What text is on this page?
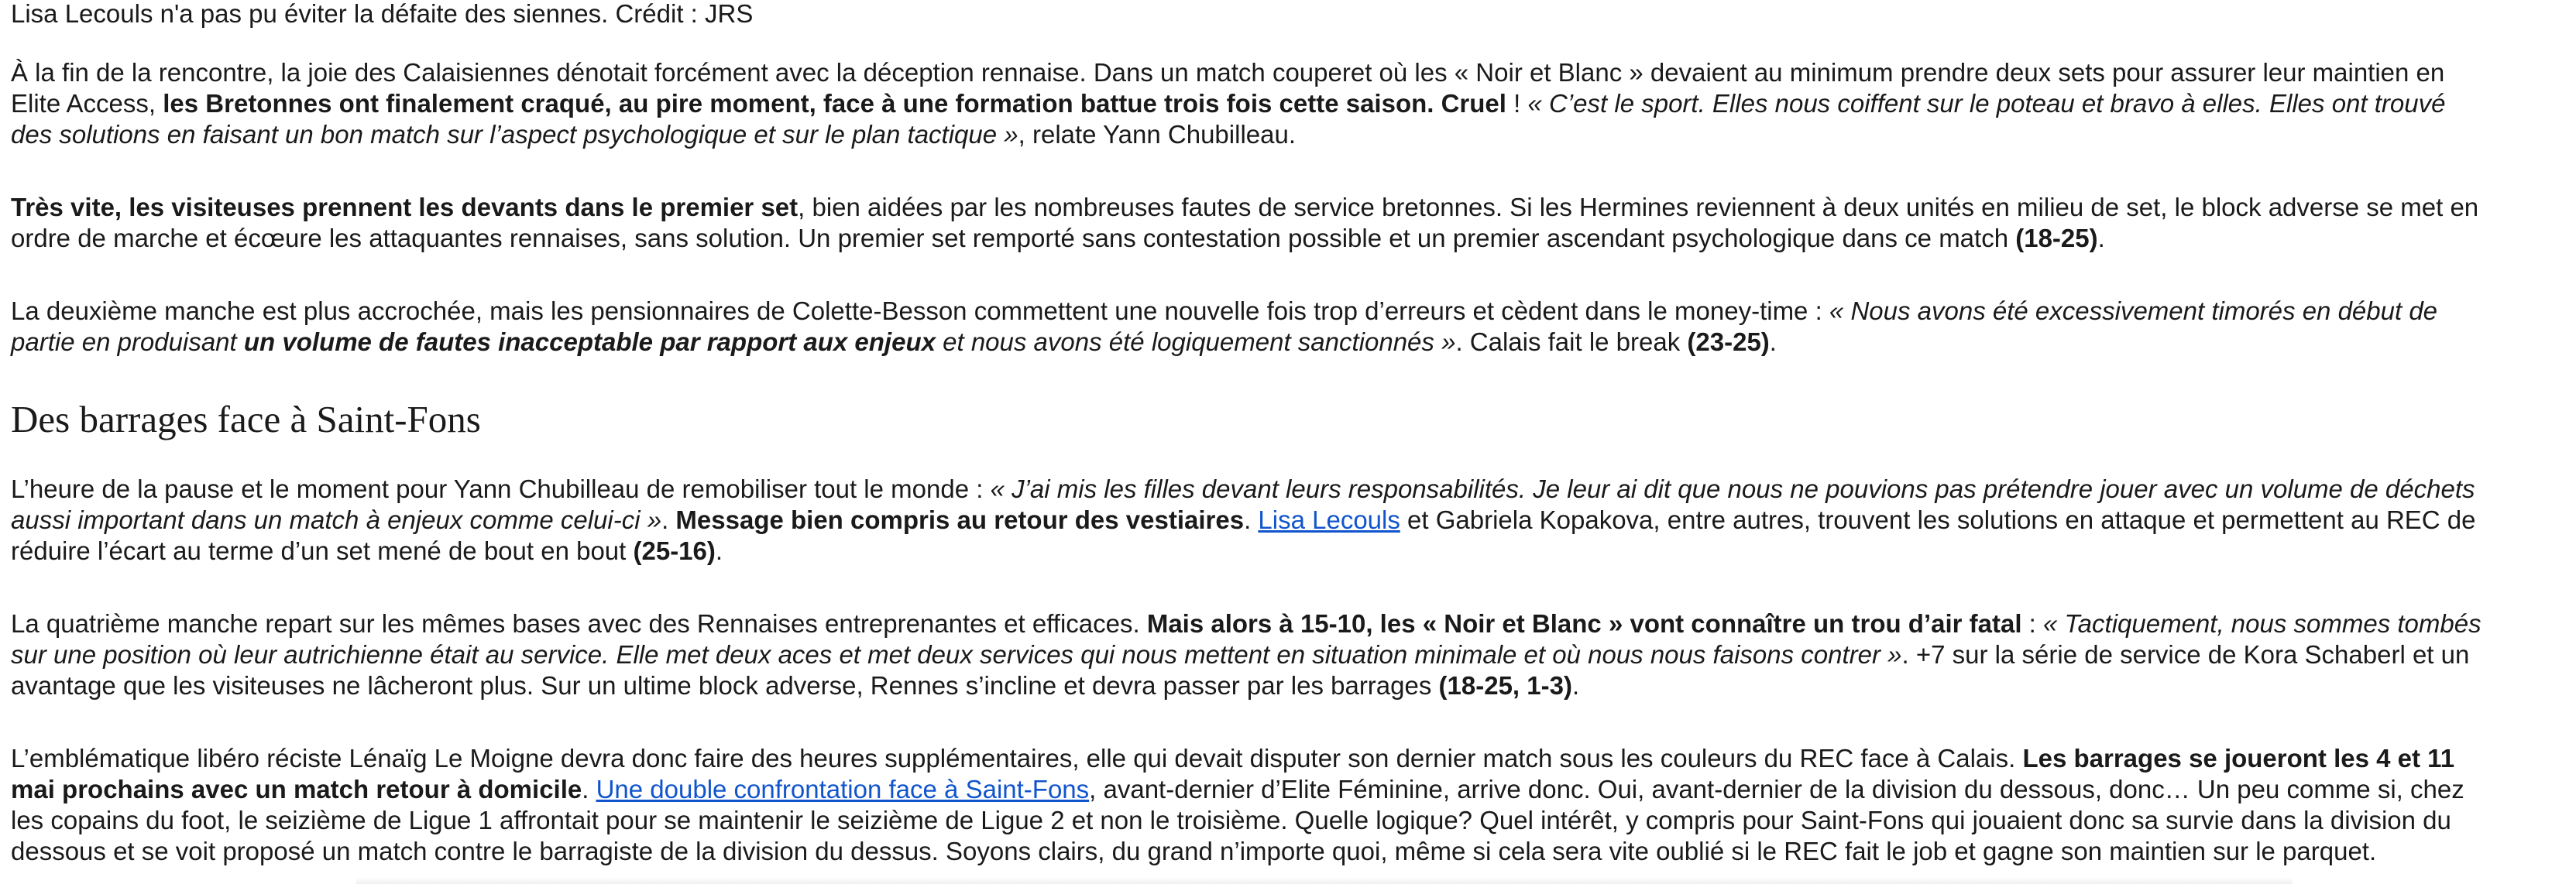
Lisa Lecouls n'a pas pu éviter la défaite des siennes. Crédit : JRS
À la fin de la rencontre, la joie des Calaisiennes dénotait forcément avec la déception rennaise. Dans un match couperet où les « Noir et Blanc » devaient au minimum prendre deux sets pour assurer leur maintien en
Elite Access, les Bretonnes ont finalement craqué, au pire moment, face à une formation battue trois fois cette saison. Cruel ! « C’est le sport. Elles nous coiffent sur le poteau et bravo à elles. Elles ont trouvé
des solutions en faisant un bon match sur l’aspect psychologique et sur le plan tactique », relate Yann Chubilleau.
Très vite, les visiteuses prennent les devants dans le premier set, bien aidées par les nombreuses fautes de service bretonnes. Si les Hermines reviennent à deux unités en milieu de set, le block adverse se met en
ordre de marche et écœure les attaquantes rennaises, sans solution. Un premier set remporté sans contestation possible et un premier ascendant psychologique dans ce match (18-25).
La deuxième manche est plus accrochée, mais les pensionnaires de Colette-Besson commettent une nouvelle fois trop d’erreurs et cèdent dans le money-time : « Nous avons été excessivement timorés en début de
partie en produisant un volume de fautes inacceptable par rapport aux enjeux et nous avons été logiquement sanctionnés ». Calais fait le break (23-25).
Des barrages face à Saint-Fons
L’heure de la pause et le moment pour Yann Chubilleau de remobiliser tout le monde : « J’ai mis les filles devant leurs responsabilités. Je leur ai dit que nous ne pouvions pas prétendre jouer avec un volume de déchets
aussi important dans un match à enjeux comme celui-ci ». Message bien compris au retour des vestiaires. Lisa Lecouls et Gabriela Kopakova, entre autres, trouvent les solutions en attaque et permettent au REC de
réduire l’écart au terme d’un set mené de bout en bout (25-16).
La quatrième manche repart sur les mêmes bases avec des Rennaises entreprenantes et efficaces. Mais alors à 15-10, les « Noir et Blanc » vont connaître un trou d’air fatal : « Tactiquement, nous sommes tombés
sur une position où leur autrichienne était au service. Elle met deux aces et met deux services qui nous mettent en situation minimale et où nous nous faisons contrer ». +7 sur la série de service de Kora Schaberl et un
avantage que les visiteuses ne lâcheront plus. Sur un ultime block adverse, Rennes s’incline et devra passer par les barrages (18-25, 1-3).
L’emblématique libéro réciste Lénaïg Le Moigne devra donc faire des heures supplémentaires, elle qui devait disputer son dernier match sous les couleurs du REC face à Calais. Les barrages se joueront les 4 et 11
mai prochains avec un match retour à domicile. Une double confrontation face à Saint-Fons, avant-dernier d’Elite Féminine, arrive donc. Oui, avant-dernier de la division du dessous, donc… Un peu comme si, chez
les copains du foot, le seizième de Ligue 1 affrontait pour se maintenir le seizième de Ligue 2 et non le troisième. Quelle logique? Quel intérêt, y compris pour Saint-Fons qui jouaient donc sa survie dans la division du
dessous et se voit proposé un match contre le barragiste de la division du dessus. Soyons clairs, du grand n’importe quoi, même si cela sera vite oublié si le REC fait le job et gagne son maintien sur le parquet.
